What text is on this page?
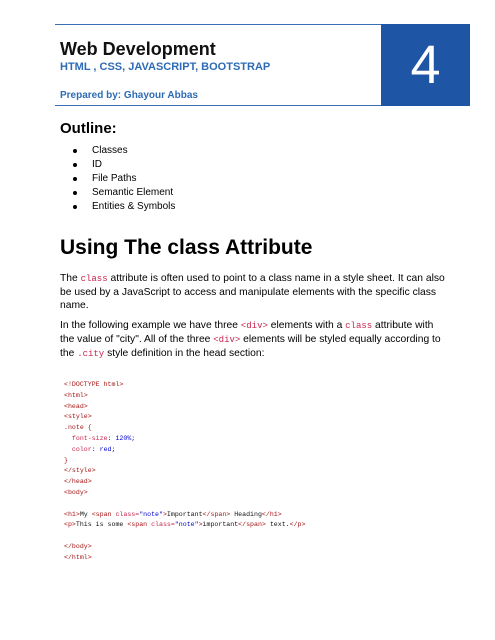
Web Development
HTML , CSS, JAVASCRIPT, BOOTSTRAP
Prepared by: Ghayour Abbas
4
Outline:
Classes
ID
File Paths
Semantic Element
Entities & Symbols
Using The class Attribute
The class attribute is often used to point to a class name in a style sheet. It can also be used by a JavaScript to access and manipulate elements with the specific class name.
In the following example we have three <div> elements with a class attribute with the value of "city". All of the three <div> elements will be styled equally according to the .city style definition in the head section:
<!DOCTYPE html>
<html>
<head>
<style>
.note {
font-size: 120%;
color: red;
}
</style>
</head>
<body>
<h1>My <span class="note">Important</span> Heading</h1>
<p>This is some <span class="note">important</span> text.</p>
</body>
</html>
